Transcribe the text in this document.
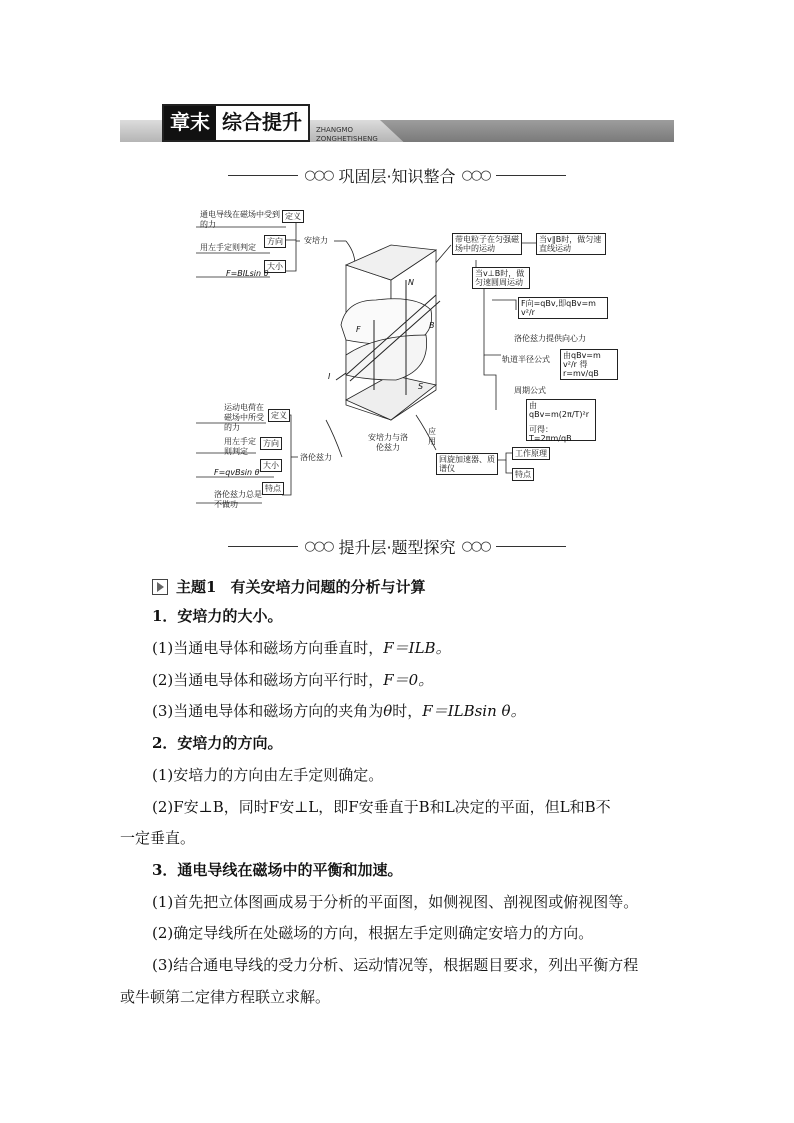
章末 综合提升	ZHANGMO
ZONGHETISHENG
○○○ 巩固层·知识整合 ○○○
通电导线在磁场中受到的力
定义
方向
用左手定则判定
大小
F=BILsin θ
安培力
运动电荷在磁场中所受的力
定义
方向
用左手定则判定
大小
F=qvBsin θ
特点
洛伦兹力总是不做功
洛伦兹力
安培力与洛伦兹力
应用
N
S
F	B
I
带电粒子在匀强磁场中的运动
当v∥B时，做匀速直线运动
当v⊥B时，做匀速圆周运动
F向=qBv,即qBv=m v²/r
洛伦兹力提供向心力
轨道半径公式	由qBv=m v²/r 得 r=mv/qB
周期公式
由qBv=m(2π/T)²r
可得：T=2πm/qB
回旋加速器、质谱仪
工作原理
特点
○○○ 提升层·题型探究 ○○○
主题1 有关安培力问题的分析与计算
1．安培力的大小。
(1)当通电导体和磁场方向垂直时，F＝ILB。
(2)当通电导体和磁场方向平行时，F＝0。
(3)当通电导体和磁场方向的夹角为θ时，F＝ILBsin θ。
2．安培力的方向。
(1)安培力的方向由左手定则确定。
(2)F安⊥B，同时F安⊥L，即F安垂直于B和L决定的平面，但L和B不
一定垂直。
3．通电导线在磁场中的平衡和加速。
(1)首先把立体图画成易于分析的平面图，如侧视图、剖视图或俯视图等。
(2)确定导线所在处磁场的方向，根据左手定则确定安培力的方向。
(3)结合通电导线的受力分析、运动情况等，根据题目要求，列出平衡方程
或牛顿第二定律方程联立求解。
